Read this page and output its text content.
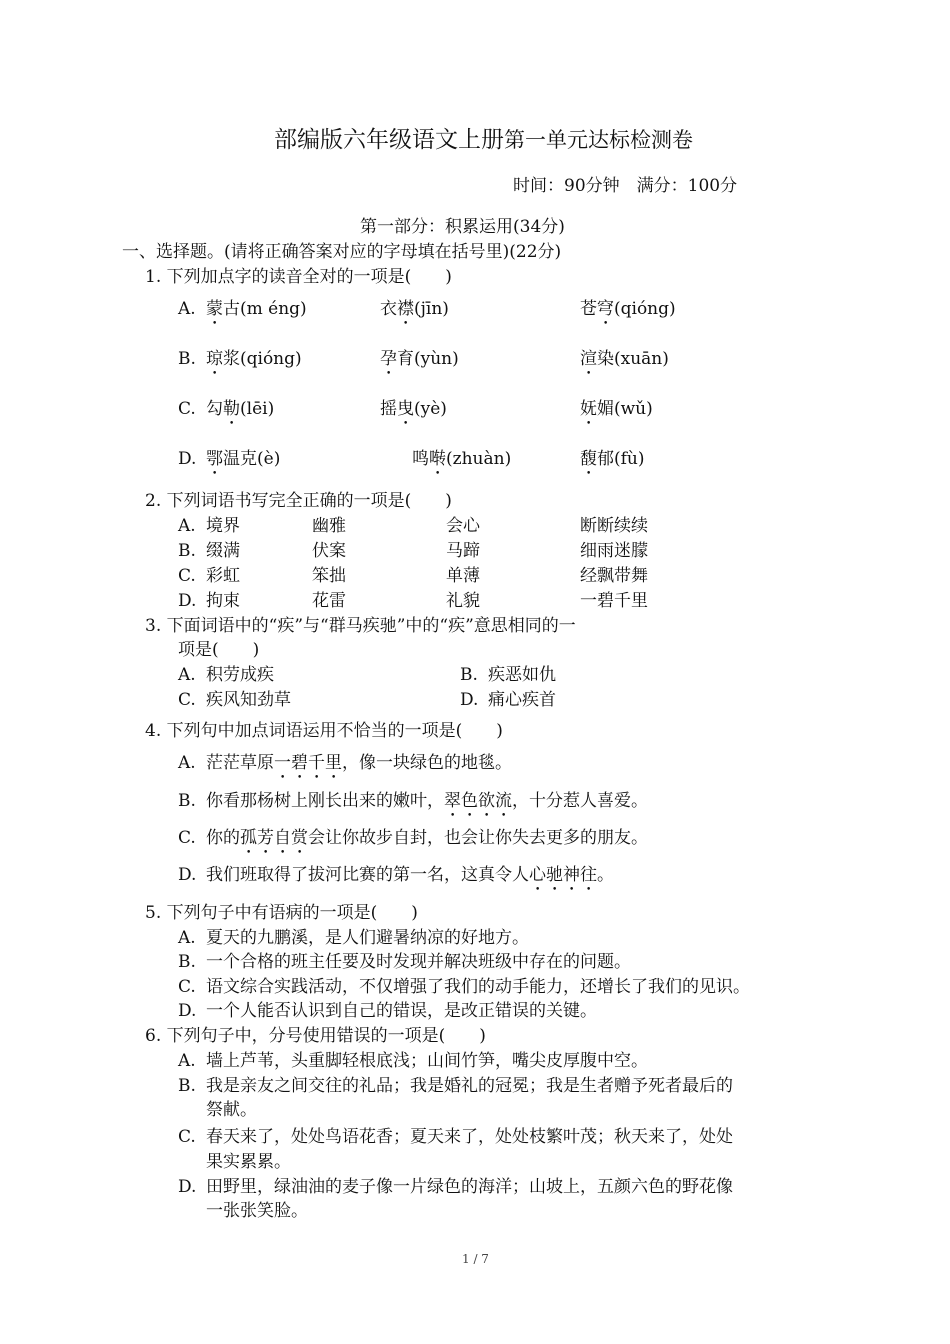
部编版六年级语文上册第一单元达标检测卷
时间：90分钟　满分：100分
第一部分：积累运用(34分)
一、选择题。(请将正确答案对应的字母填在括号里)(22分)
1. 下列加点字的读音全对的一项是(　　)
A. 蒙古(m éng)	衣襟(jīn)	苍穹(qióng)
B. 琼浆(qióng)	孕育(yùn)	渲染(xuān)
C. 勾勒(lēi)	摇曳(yè)	妩媚(wǔ)
D. 鄂温克(è)	鸣啭(zhuàn)	馥郁(fù)
2. 下列词语书写完全正确的一项是(　　)
A. 境界	幽雅	会心	断断续续
B. 缀满	伏案	马蹄	细雨迷朦
C. 彩虹	笨拙	单薄	经飘带舞
D. 拘束	花雷	礼貌	一碧千里
3. 下面词语中的“疾”与“群马疾驰”中的“疾”意思相同的一
项是(　　)
A. 积劳成疾	B. 疾恶如仇
C. 疾风知劲草	D. 痛心疾首
4. 下列句中加点词语运用不恰当的一项是(　　)
A. 茫茫草原一碧千里，像一块绿色的地毯。
B. 你看那杨树上刚长出来的嫩叶，翠色欲流，十分惹人喜爱。
C. 你的孤芳自赏会让你故步自封，也会让你失去更多的朋友。
D. 我们班取得了拔河比赛的第一名，这真令人心驰神往。
5. 下列句子中有语病的一项是(　　)
A. 夏天的九鹏溪，是人们避暑纳凉的好地方。
B. 一个合格的班主任要及时发现并解决班级中存在的问题。
C. 语文综合实践活动，不仅增强了我们的动手能力，还增长了我们的见识。
D. 一个人能否认识到自己的错误，是改正错误的关键。
6. 下列句子中，分号使用错误的一项是(　　)
A. 墙上芦苇，头重脚轻根底浅；山间竹笋，嘴尖皮厚腹中空。
B. 我是亲友之间交往的礼品；我是婚礼的冠冕；我是生者赠予死者最后的
祭献。
C. 春天来了，处处鸟语花香；夏天来了，处处枝繁叶茂；秋天来了，处处
果实累累。
D. 田野里，绿油油的麦子像一片绿色的海洋；山坡上，五颜六色的野花像
一张张笑脸。
1 / 7
